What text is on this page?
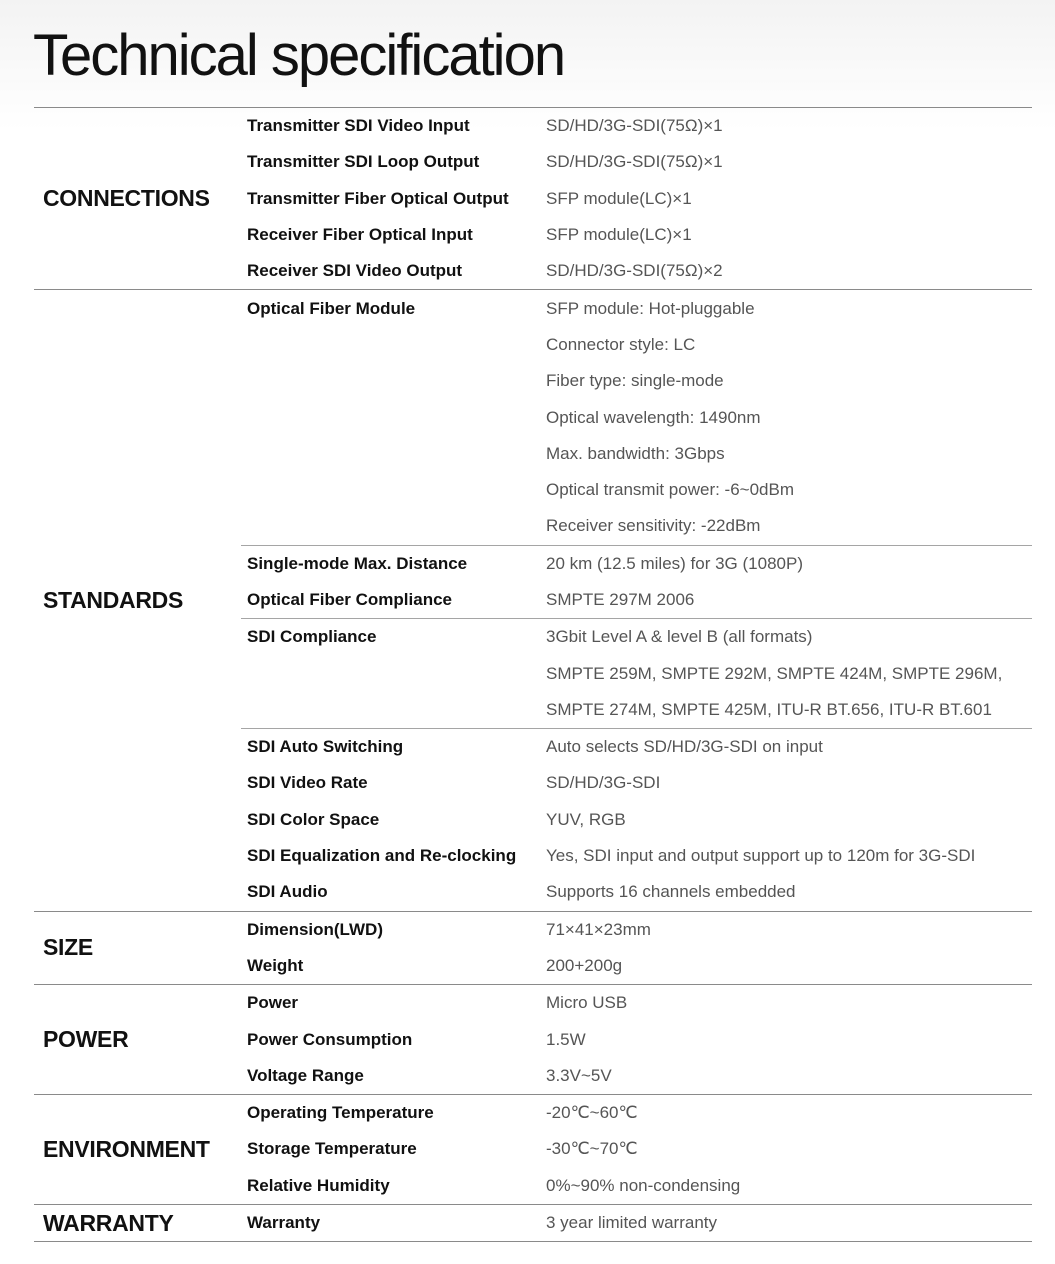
Technical specification
CONNECTIONS
Transmitter SDI Video Input	SD/HD/3G-SDI(75Ω)×1
Transmitter SDI Loop Output	SD/HD/3G-SDI(75Ω)×1
Transmitter Fiber Optical Output	SFP module(LC)×1
Receiver Fiber Optical Input	SFP module(LC)×1
Receiver SDI Video Output	SD/HD/3G-SDI(75Ω)×2
STANDARDS
Optical Fiber Module	SFP module: Hot-pluggable
Connector style: LC
Fiber type: single-mode
Optical wavelength: 1490nm
Max. bandwidth: 3Gbps
Optical transmit power: -6~0dBm
Receiver sensitivity: -22dBm
Single-mode Max. Distance	20 km (12.5 miles) for 3G (1080P)
Optical Fiber Compliance	SMPTE 297M 2006
SDI Compliance	3Gbit Level A & level B (all formats)
SMPTE 259M, SMPTE 292M, SMPTE 424M, SMPTE 296M,
SMPTE 274M, SMPTE 425M, ITU-R BT.656, ITU-R BT.601
SDI Auto Switching	Auto selects SD/HD/3G-SDI on input
SDI Video Rate	SD/HD/3G-SDI
SDI Color Space	YUV, RGB
SDI Equalization and Re-clocking	Yes, SDI input and output support up to 120m for 3G-SDI
SDI Audio	Supports 16 channels embedded
SIZE
Dimension(LWD)	71×41×23mm
Weight	200+200g
POWER
Power	Micro USB
Power Consumption	1.5W
Voltage Range	3.3V~5V
ENVIRONMENT
Operating Temperature	-20℃~60℃
Storage Temperature	-30℃~70℃
Relative Humidity	0%~90% non-condensing
WARRANTY	Warranty	3 year limited warranty
